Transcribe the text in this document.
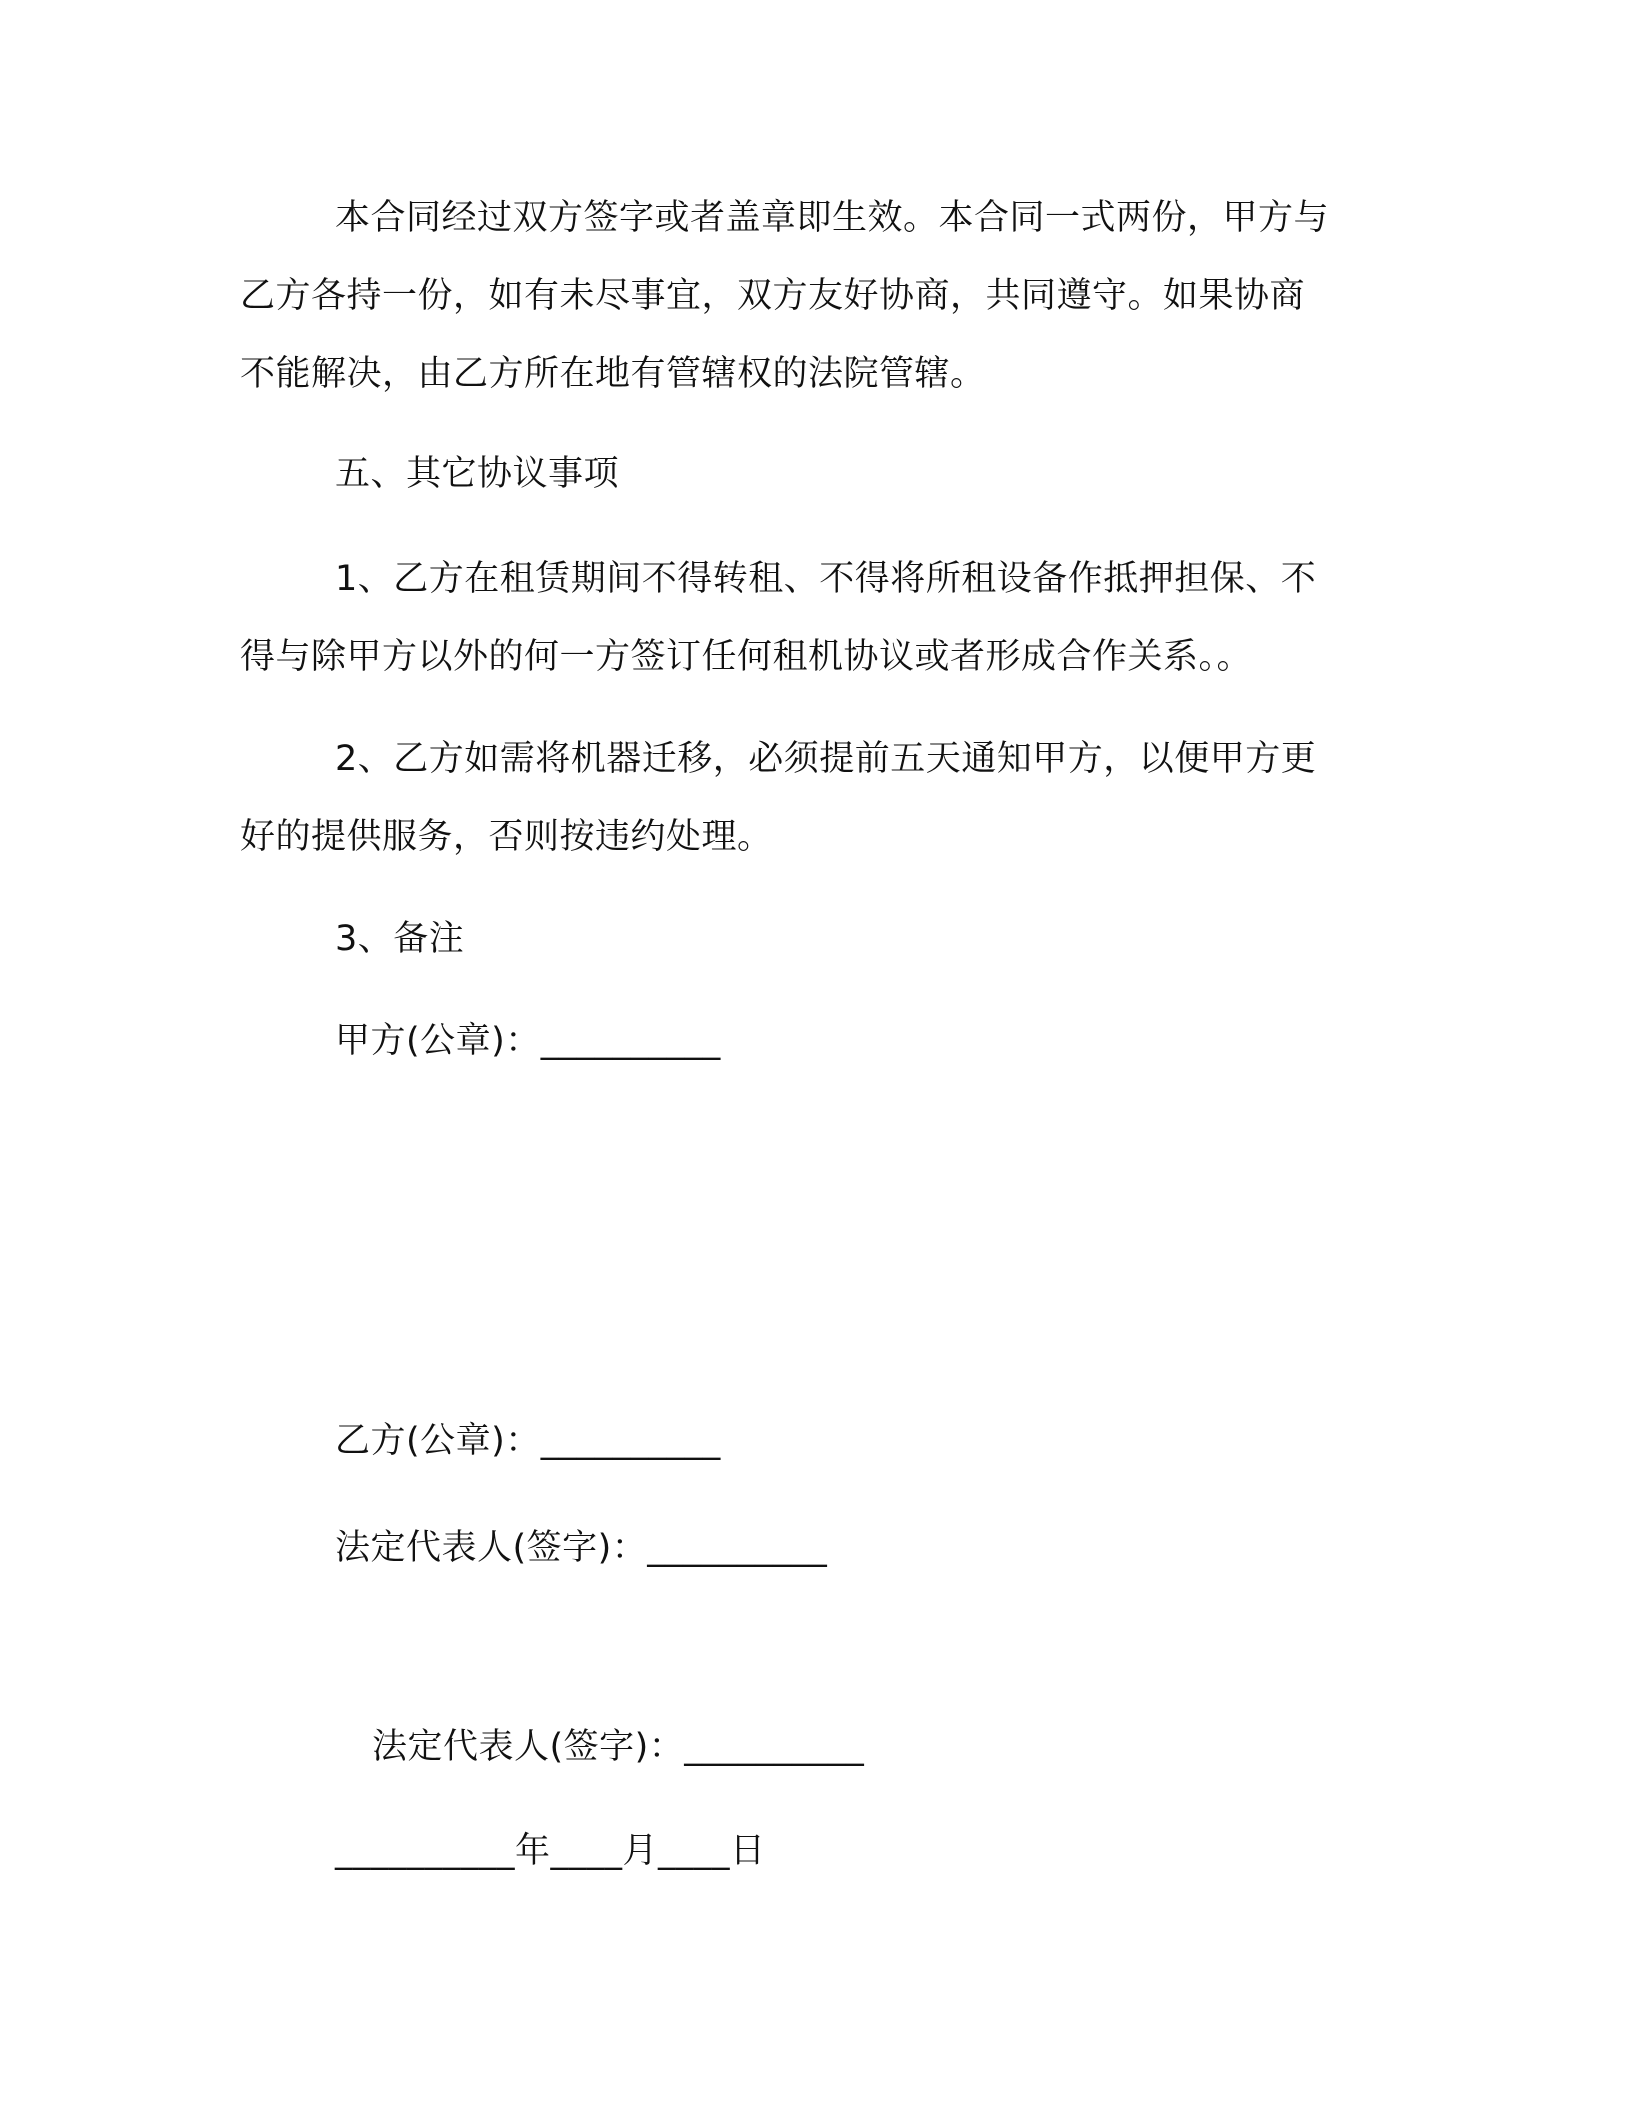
本合同经过双方签字或者盖章即生效。本合同一式两份，甲方与

乙方各持一份，如有未尽事宜，双方友好协商，共同遵守。如果协商

不能解决，由乙方所在地有管辖权的法院管辖。

五、其它协议事项

1、乙方在租赁期间不得转租、不得将所租设备作抵押担保、不

得与除甲方以外的何一方签订任何租机协议或者形成合作关系。。

2、乙方如需将机器迁移，必须提前五天通知甲方，以便甲方更

好的提供服务，否则按违约处理。

3、备注

甲方(公章)：__________

乙方(公章)：__________

法定代表人(签字)：__________

法定代表人(签字)：__________

__________年____月____日
